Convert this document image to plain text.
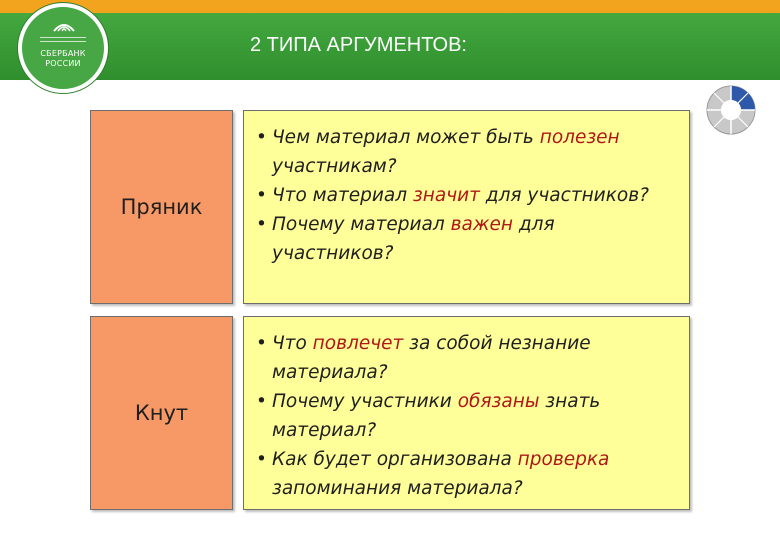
СБЕРБАНК
РОССИИ
2 ТИПА АРГУМЕНТОВ:
Пряник
• Чем материал может быть полезен участникам?
• Что материал значит для участников?
• Почему материал важен для участников?
Кнут
• Что повлечет за собой незнание материала?
• Почему участники обязаны знать материал?
• Как будет организована проверка запоминания материала?
